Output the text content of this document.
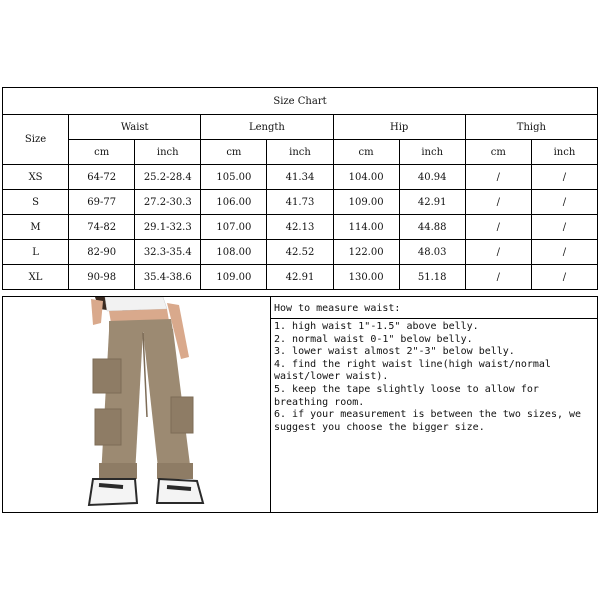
Size Chart								
Size	Waist		Length		Hip		Thigh	
	cm	inch	cm	inch	cm	inch	cm	inch
XS	64-72	25.2-28.4	105.00	41.34	104.00	40.94	/	/
S	69-77	27.2-30.3	106.00	41.73	109.00	42.91	/	/
M	74-82	29.1-32.3	107.00	42.13	114.00	44.88	/	/
L	82-90	32.3-35.4	108.00	42.52	122.00	48.03	/	/
XL	90-98	35.4-38.6	109.00	42.91	130.00	51.18	/	/
How to measure waist:
1. high waist 1"-1.5" above belly.
2. normal waist 0-1" below belly.
3. lower waist almost 2"-3" below belly.
4. find the right waist line(high waist/normal waist/lower waist).
5. keep the tape slightly loose to allow for breathing room.
6. if your measurement is between the two sizes, we suggest you choose the bigger size.
